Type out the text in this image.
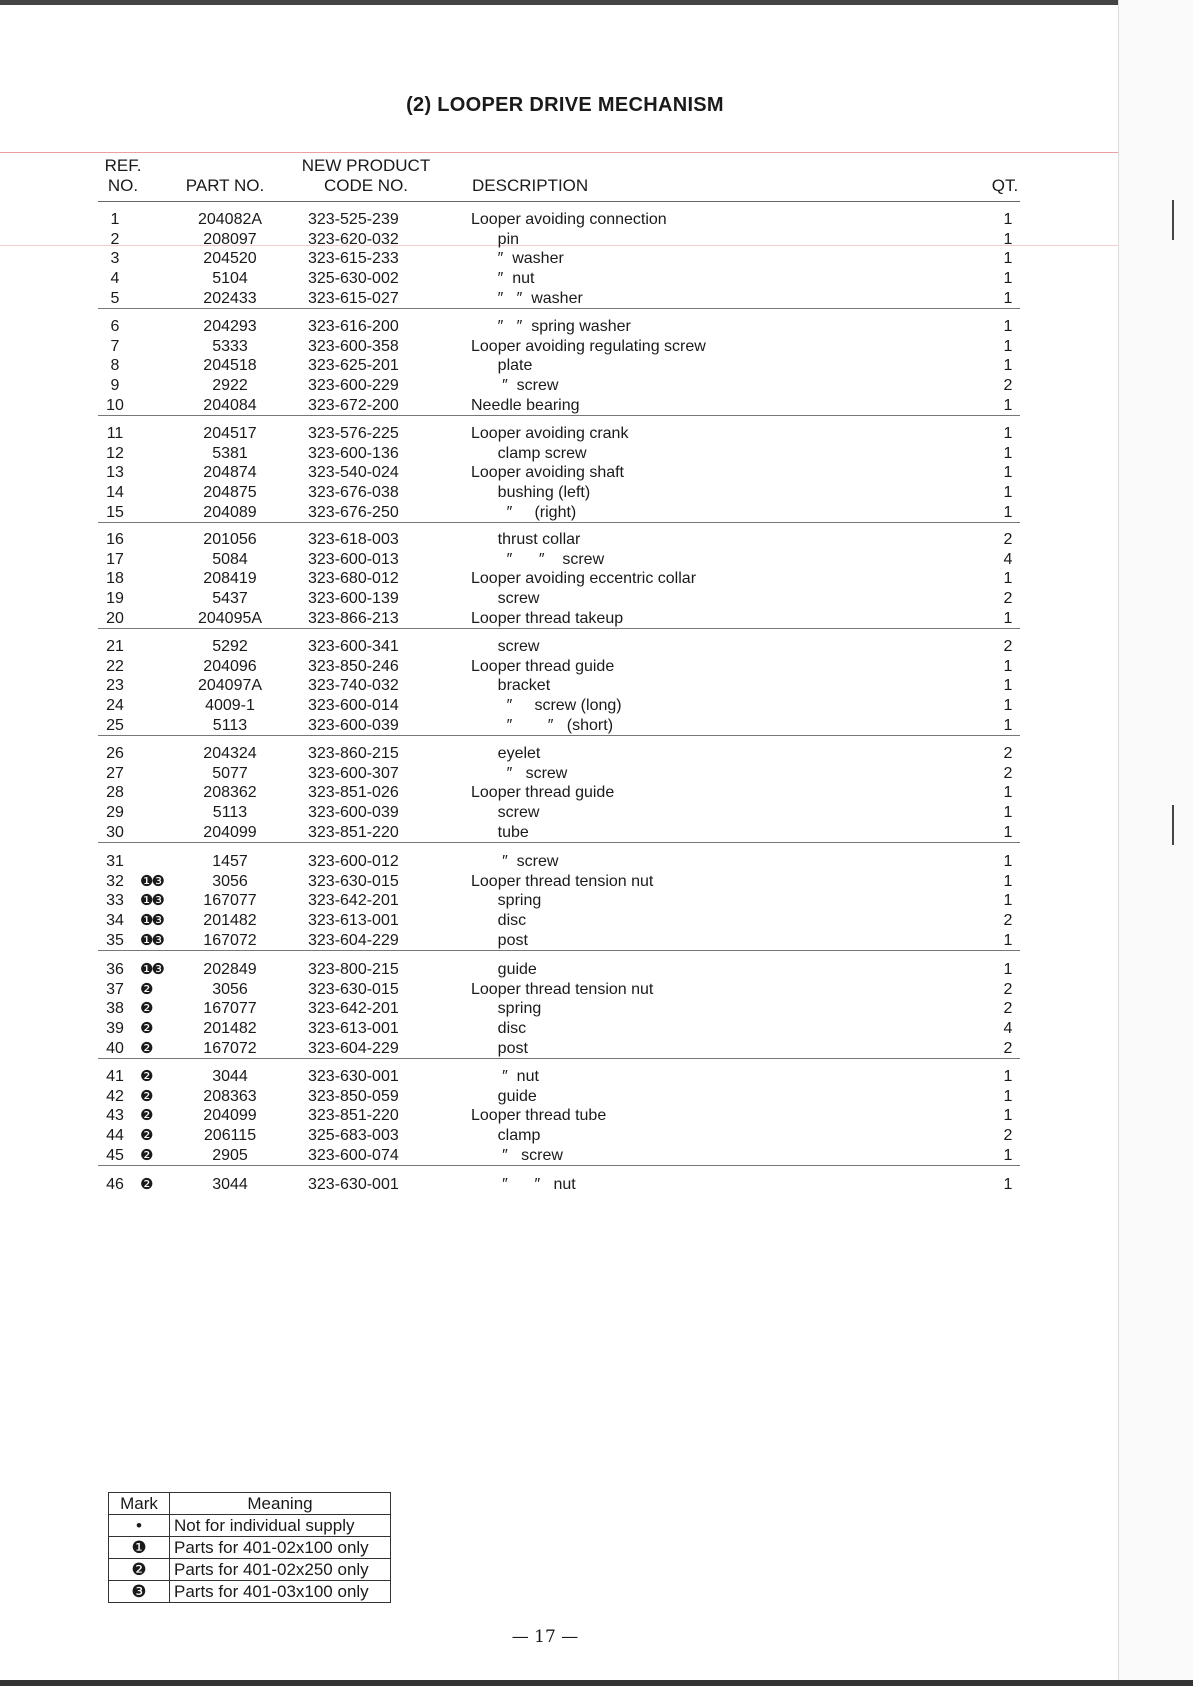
(2) LOOPER DRIVE MECHANISM
REF.
NO.	PART NO.
NEW PRODUCT
CODE NO.	DESCRIPTION	QT.
1	204082A	323-525-239	Looper avoiding connection	1
2	208097	323-620-032	pin	1
3	204520	323-615-233	″  washer	1
4	5104	325-630-002	″  nut	1
5	202433	323-615-027	″   ″  washer	1
6	204293	323-616-200	″   ″  spring washer	1
7	5333	323-600-358	Looper avoiding regulating screw	1
8	204518	323-625-201	plate	1
9	2922	323-600-229	″  screw	2
10	204084	323-672-200	Needle bearing	1
11	204517	323-576-225	Looper avoiding crank	1
12	5381	323-600-136	clamp screw	1
13	204874	323-540-024	Looper avoiding shaft	1
14	204875	323-676-038	bushing (left)	1
15	204089	323-676-250	″     (right)	1
16	201056	323-618-003	thrust collar	2
17	5084	323-600-013	″      ″    screw	4
18	208419	323-680-012	Looper avoiding eccentric collar	1
19	5437	323-600-139	screw	2
20	204095A	323-866-213	Looper thread takeup	1
21	5292	323-600-341	screw	2
22	204096	323-850-246	Looper thread guide	1
23	204097A	323-740-032	bracket	1
24	4009-1	323-600-014	″     screw (long)	1
25	5113	323-600-039	″        ″   (short)	1
26	204324	323-860-215	eyelet	2
27	5077	323-600-307	″   screw	2
28	208362	323-851-026	Looper thread guide	1
29	5113	323-600-039	screw	1
30	204099	323-851-220	tube	1
31	1457	323-600-012	″  screw	1
32	❶❸	3056	323-630-015	Looper thread tension nut	1
33	❶❸	167077	323-642-201	spring	1
34	❶❸	201482	323-613-001	disc	2
35	❶❸	167072	323-604-229	post	1
36	❶❸	202849	323-800-215	guide	1
37	❷	3056	323-630-015	Looper thread tension nut	2
38	❷	167077	323-642-201	spring	2
39	❷	201482	323-613-001	disc	4
40	❷	167072	323-604-229	post	2
41	❷	3044	323-630-001	″  nut	1
42	❷	208363	323-850-059	guide	1
43	❷	204099	323-851-220	Looper thread tube	1
44	❷	206115	325-683-003	clamp	2
45	❷	2905	323-600-074	″   screw	1
46	❷	3044	323-630-001	″      ″   nut	1
Mark	Meaning
•	Not for individual supply
❶	Parts for 401-02x100 only
❷	Parts for 401-02x250 only
❸	Parts for 401-03x100 only
— 17 —
